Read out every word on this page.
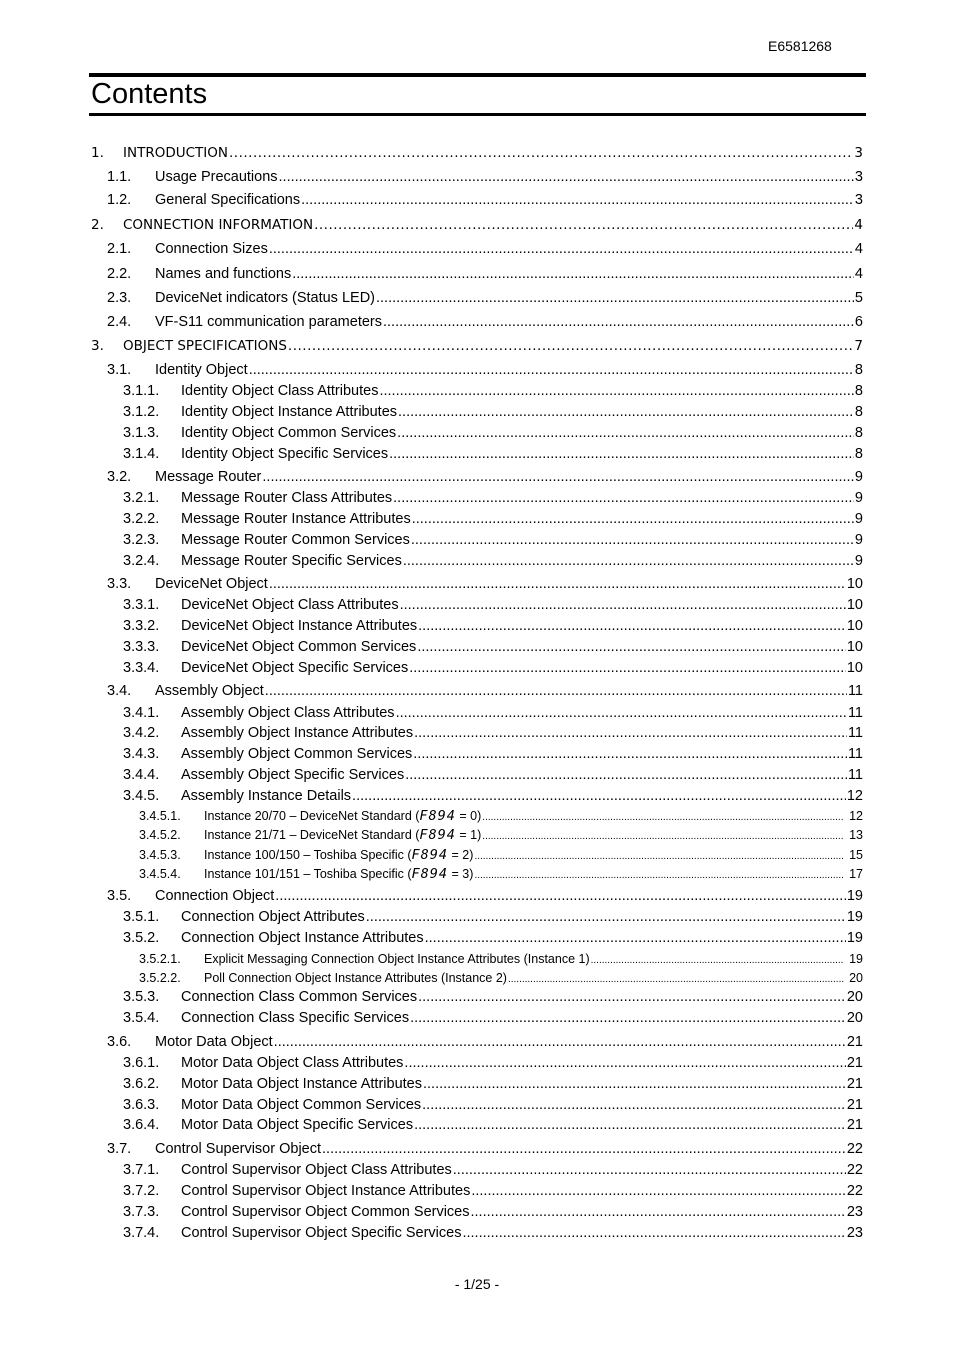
E6581268
Contents
1.	INTRODUCTION .....	3
1.1.	Usage Precautions .....	3
1.2.	General Specifications .....	3
2.	CONNECTION INFORMATION .....	4
2.1.	Connection Sizes .....	4
2.2.	Names and functions .....	4
2.3.	DeviceNet indicators (Status LED) .....	5
2.4.	VF-S11 communication parameters .....	6
3.	OBJECT SPECIFICATIONS .....	7
3.1.	Identity Object .....	8
3.1.1.	Identity Object Class Attributes .....	8
3.1.2.	Identity Object Instance Attributes .....	8
3.1.3.	Identity Object Common Services .....	8
3.1.4.	Identity Object Specific Services .....	8
3.2.	Message Router .....	9
3.2.1.	Message Router Class Attributes .....	9
3.2.2.	Message Router Instance Attributes .....	9
3.2.3.	Message Router Common Services .....	9
3.2.4.	Message Router Specific Services .....	9
3.3.	DeviceNet Object .....	10
3.3.1.	DeviceNet Object Class Attributes .....	10
3.3.2.	DeviceNet Object Instance Attributes .....	10
3.3.3.	DeviceNet Object Common Services .....	10
3.3.4.	DeviceNet Object Specific Services .....	10
3.4.	Assembly Object .....	11
3.4.1.	Assembly Object Class Attributes .....	11
3.4.2.	Assembly Object Instance Attributes .....	11
3.4.3.	Assembly Object Common Services .....	11
3.4.4.	Assembly Object Specific Services .....	11
3.4.5.	Assembly Instance Details .....	12
3.4.5.1.	Instance 20/70 – DeviceNet Standard (F894 = 0) .....	12
3.4.5.2.	Instance 21/71 – DeviceNet Standard (F894 = 1) .....	13
3.4.5.3.	Instance 100/150 – Toshiba Specific (F894 = 2) .....	15
3.4.5.4.	Instance 101/151 – Toshiba Specific (F894 = 3) .....	17
3.5.	Connection Object .....	19
3.5.1.	Connection Object Attributes .....	19
3.5.2.	Connection Object Instance Attributes .....	19
3.5.2.1.	Explicit Messaging Connection Object Instance Attributes (Instance 1) .....	19
3.5.2.2.	Poll Connection Object Instance Attributes (Instance 2) .....	20
3.5.3.	Connection Class Common Services .....	20
3.5.4.	Connection Class Specific Services .....	20
3.6.	Motor Data Object .....	21
3.6.1.	Motor Data Object Class Attributes .....	21
3.6.2.	Motor Data Object Instance Attributes .....	21
3.6.3.	Motor Data Object Common Services .....	21
3.6.4.	Motor Data Object Specific Services .....	21
3.7.	Control Supervisor Object .....	22
3.7.1.	Control Supervisor Object Class Attributes .....	22
3.7.2.	Control Supervisor Object Instance Attributes .....	22
3.7.3.	Control Supervisor Object Common Services .....	23
3.7.4.	Control Supervisor Object Specific Services .....	23
- 1/25 -
